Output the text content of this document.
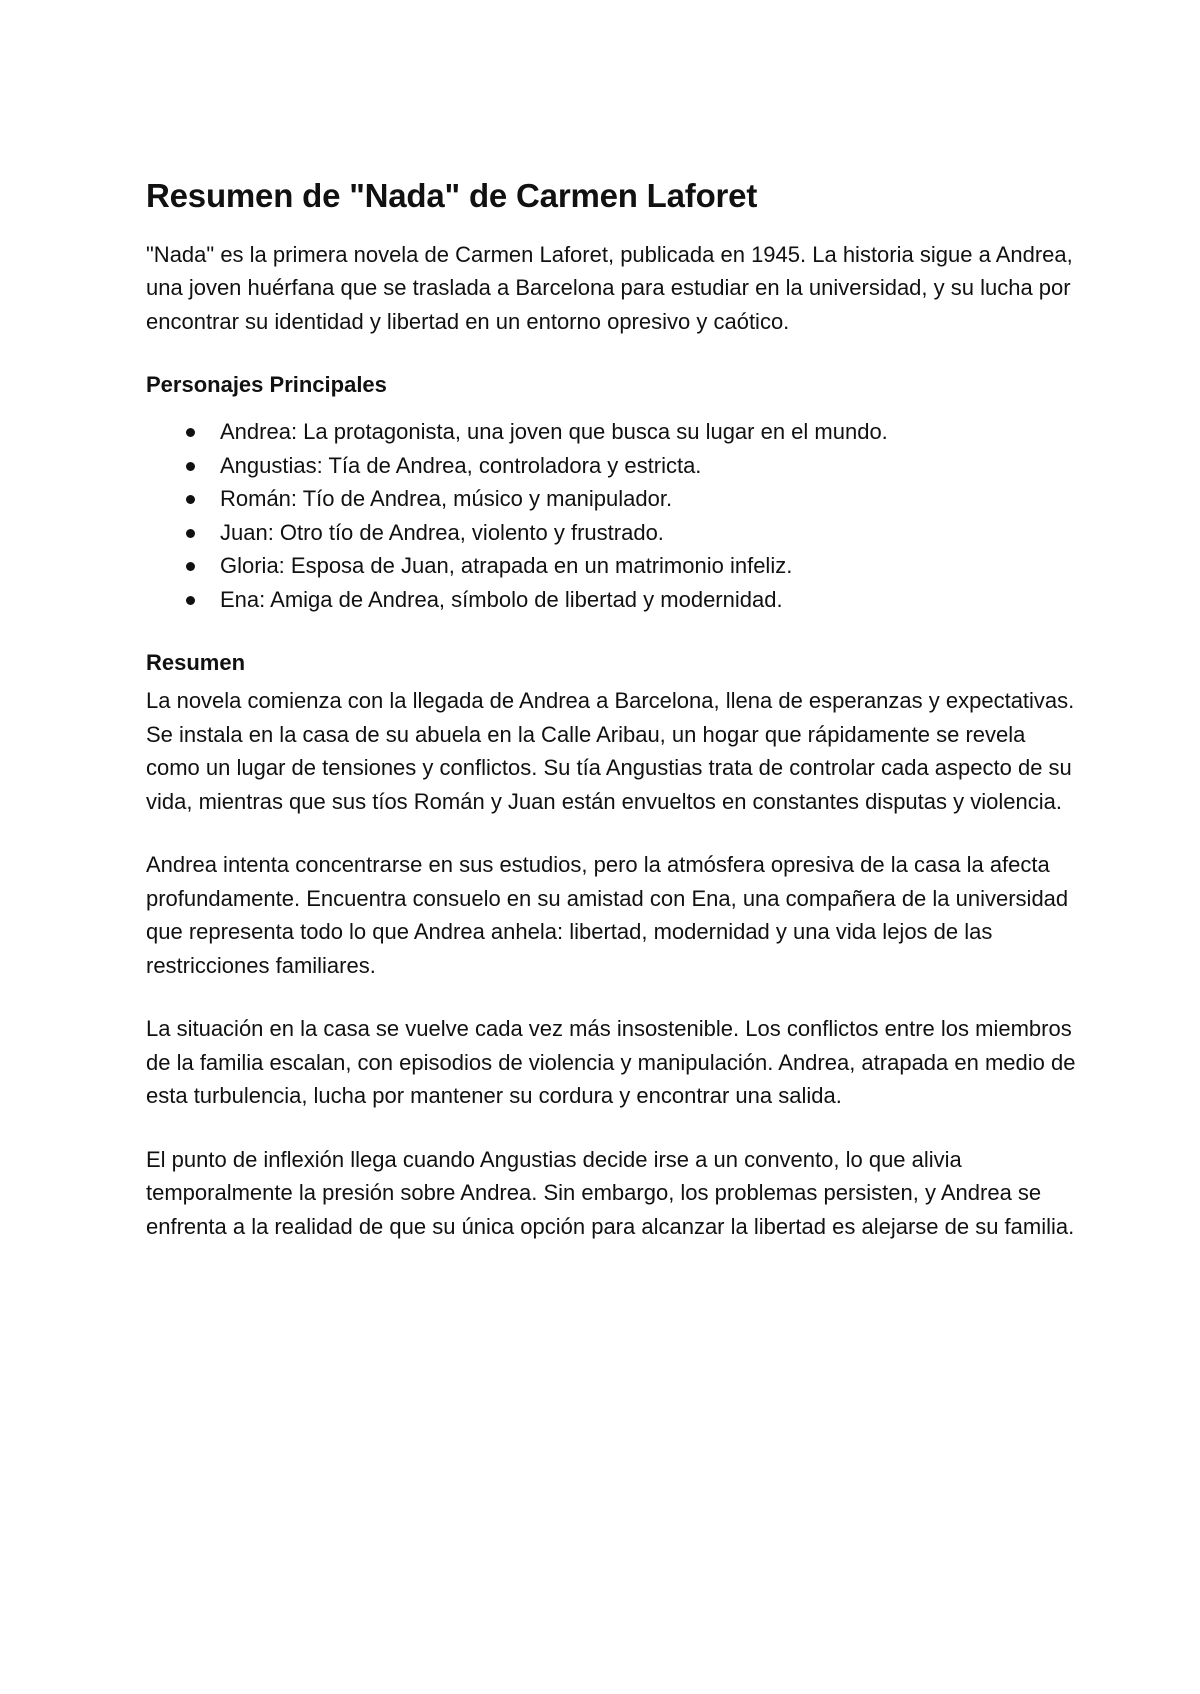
Resumen de "Nada" de Carmen Laforet

"Nada" es la primera novela de Carmen Laforet, publicada en 1945. La historia sigue a Andrea, una joven huérfana que se traslada a Barcelona para estudiar en la universidad, y su lucha por encontrar su identidad y libertad en un entorno opresivo y caótico.

Personajes Principales
Andrea: La protagonista, una joven que busca su lugar en el mundo.
Angustias: Tía de Andrea, controladora y estricta.
Román: Tío de Andrea, músico y manipulador.
Juan: Otro tío de Andrea, violento y frustrado.
Gloria: Esposa de Juan, atrapada en un matrimonio infeliz.
Ena: Amiga de Andrea, símbolo de libertad y modernidad.
Resumen

La novela comienza con la llegada de Andrea a Barcelona, llena de esperanzas y expectativas. Se instala en la casa de su abuela en la Calle Aribau, un hogar que rápidamente se revela como un lugar de tensiones y conflictos. Su tía Angustias trata de controlar cada aspecto de su vida, mientras que sus tíos Román y Juan están envueltos en constantes disputas y violencia.

Andrea intenta concentrarse en sus estudios, pero la atmósfera opresiva de la casa la afecta profundamente. Encuentra consuelo en su amistad con Ena, una compañera de la universidad que representa todo lo que Andrea anhela: libertad, modernidad y una vida lejos de las restricciones familiares.

La situación en la casa se vuelve cada vez más insostenible. Los conflictos entre los miembros de la familia escalan, con episodios de violencia y manipulación. Andrea, atrapada en medio de esta turbulencia, lucha por mantener su cordura y encontrar una salida.

El punto de inflexión llega cuando Angustias decide irse a un convento, lo que alivia temporalmente la presión sobre Andrea. Sin embargo, los problemas persisten, y Andrea se enfrenta a la realidad de que su única opción para alcanzar la libertad es alejarse de su familia.
